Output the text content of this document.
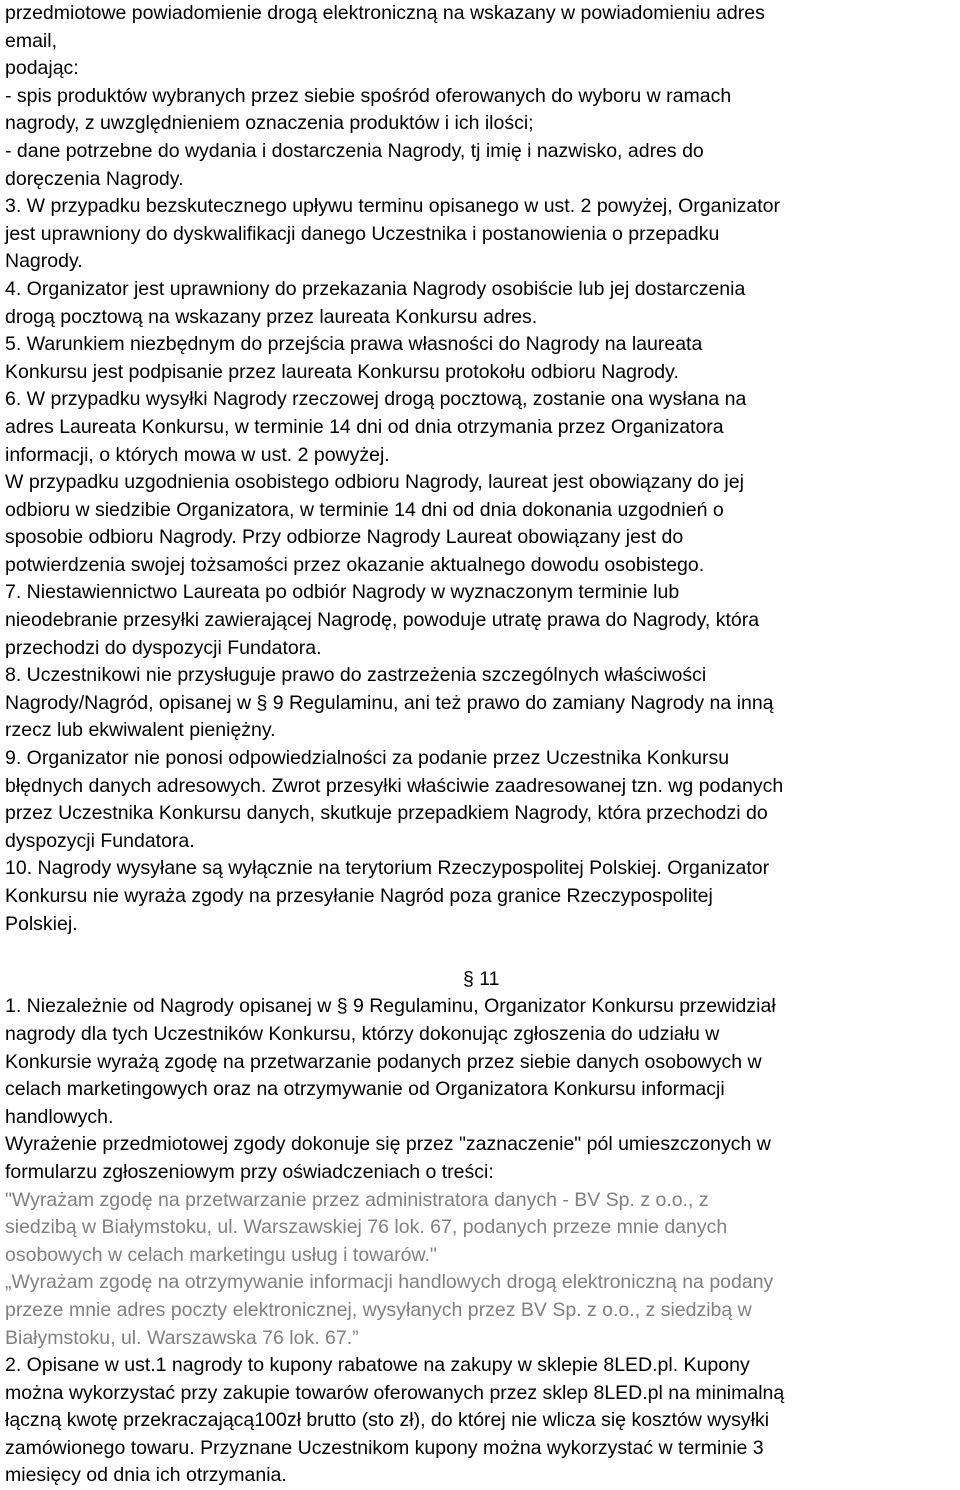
przedmiotowe powiadomienie drogą elektroniczną na wskazany w powiadomieniu adres
email,
podając:
- spis produktów wybranych przez siebie spośród oferowanych do wyboru w ramach
nagrody, z uwzględnieniem oznaczenia produktów i ich ilości;
- dane potrzebne do wydania i dostarczenia Nagrody, tj imię i nazwisko, adres do
doręczenia Nagrody.
3. W przypadku bezskutecznego upływu terminu opisanego w ust. 2 powyżej, Organizator
jest uprawniony do dyskwalifikacji danego Uczestnika i postanowienia o przepadku
Nagrody.
4. Organizator jest uprawniony do przekazania Nagrody osobiście lub jej dostarczenia
drogą pocztową na wskazany przez laureata Konkursu adres.
5. Warunkiem niezbędnym do przejścia prawa własności do Nagrody na laureata
Konkursu jest podpisanie przez laureata Konkursu protokołu odbioru Nagrody.
6. W przypadku wysyłki Nagrody rzeczowej drogą pocztową, zostanie ona wysłana na
adres Laureata Konkursu, w terminie 14 dni od dnia otrzymania przez Organizatora
informacji, o których mowa w ust. 2 powyżej.
W przypadku uzgodnienia osobistego odbioru Nagrody, laureat jest obowiązany do jej
odbioru w siedzibie Organizatora, w terminie 14 dni od dnia dokonania uzgodnień o
sposobie odbioru Nagrody. Przy odbiorze Nagrody Laureat obowiązany jest do
potwierdzenia swojej tożsamości przez okazanie aktualnego dowodu osobistego.
7. Niestawiennictwo Laureata po odbiór Nagrody w wyznaczonym terminie lub
nieodebranie przesyłki zawierającej Nagrodę, powoduje utratę prawa do Nagrody, która
przechodzi do dyspozycji Fundatora.
8. Uczestnikowi nie przysługuje prawo do zastrzeżenia szczególnych właściwości
Nagrody/Nagród, opisanej w § 9 Regulaminu, ani też prawo do zamiany Nagrody na inną
rzecz lub ekwiwalent pieniężny.
9. Organizator nie ponosi odpowiedzialności za podanie przez Uczestnika Konkursu
błędnych danych adresowych. Zwrot przesyłki właściwie zaadresowanej tzn. wg podanych
przez Uczestnika Konkursu danych, skutkuje przepadkiem Nagrody, która przechodzi do
dyspozycji Fundatora.
10. Nagrody wysyłane są wyłącznie na terytorium Rzeczypospolitej Polskiej. Organizator
Konkursu nie wyraża zgody na przesyłanie Nagród poza granice Rzeczypospolitej
Polskiej.
§ 11
1. Niezależnie od Nagrody opisanej w § 9 Regulaminu, Organizator Konkursu przewidział
nagrody dla tych Uczestników Konkursu, którzy dokonując zgłoszenia do udziału w
Konkursie wyrażą zgodę na przetwarzanie podanych przez siebie danych osobowych w
celach marketingowych oraz na otrzymywanie od Organizatora Konkursu informacji
handlowych.
Wyrażenie przedmiotowej zgody dokonuje się przez "zaznaczenie" pól umieszczonych w
formularzu zgłoszeniowym przy oświadczeniach o treści:
"Wyrażam zgodę na przetwarzanie przez administratora danych - BV Sp. z o.o., z
siedzibą w Białymstoku, ul. Warszawskiej 76 lok. 67, podanych przeze mnie danych
osobowych w celach marketingu usług i towarów."
„Wyrażam zgodę na otrzymywanie informacji handlowych drogą elektroniczną na podany
przeze mnie adres poczty elektronicznej, wysyłanych przez BV Sp. z o.o., z siedzibą w
Białymstoku, ul. Warszawska 76 lok. 67.”
2. Opisane w ust.1 nagrody to kupony rabatowe na zakupy w sklepie 8LED.pl. Kupony
można wykorzystać przy zakupie towarów oferowanych przez sklep 8LED.pl na minimalną
łączną kwotę przekraczającą100zł brutto (sto zł), do której nie wlicza się kosztów wysyłki
zamówionego towaru. Przyznane Uczestnikom kupony można wykorzystać w terminie 3
miesięcy od dnia ich otrzymania.
